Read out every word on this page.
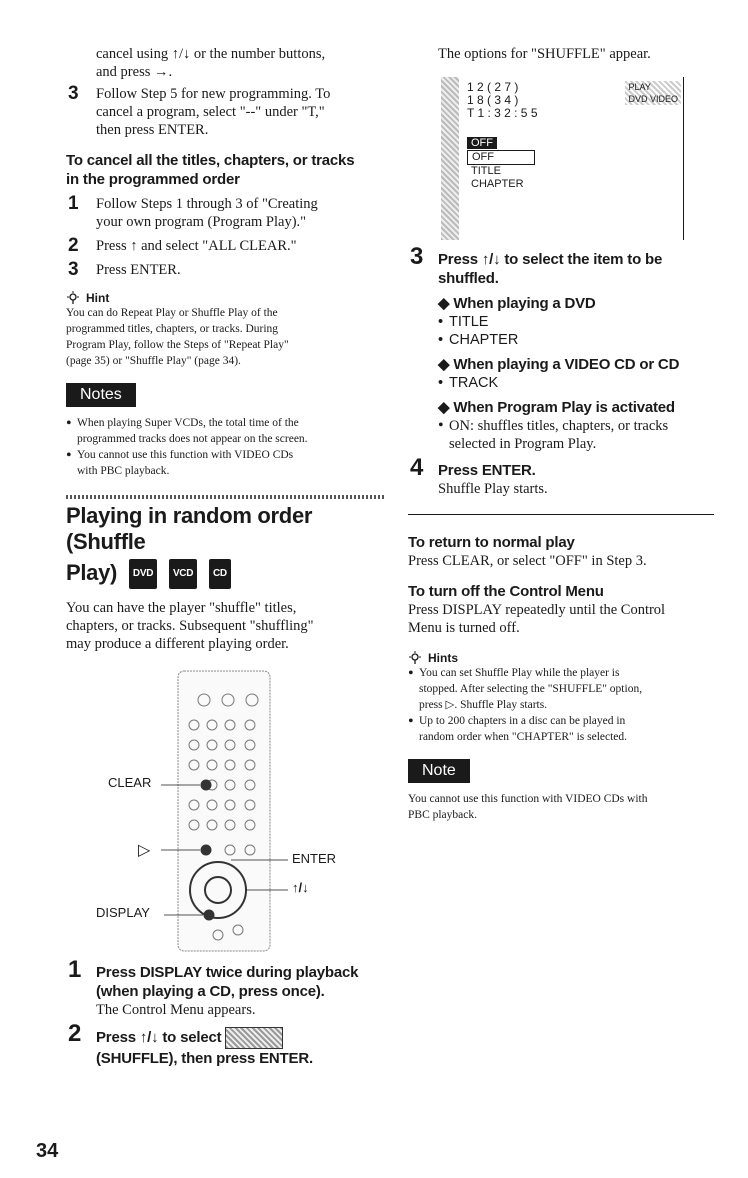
cancel using ↑/↓ or the number buttons,

and press →.

3 Follow Step 5 for new programming. To

cancel a program, select "--" under "T,"

then press ENTER.

To cancel all the titles, chapters, or tracks

in the programmed order

1 Follow Steps 1 through 3 of "Creating

your own program (Program Play)."

2 Press ↑ and select "ALL CLEAR."

3 Press ENTER.

Hint

You can do Repeat Play or Shuffle Play of the

programmed titles, chapters, or tracks. During

Program Play, follow the Steps of "Repeat Play"

(page 35) or "Shuffle Play" (page 34).

Notes

• When playing Super VCDs, the total time of the

programmed tracks does not appear on the screen.

• You cannot use this function with VIDEO CDs

with PBC playback.

Playing in random order (Shuffle

Play) DVD VCD CD

You can have the player "shuffle" titles,

chapters, or tracks. Subsequent "shuffling"

may produce a different playing order.

CLEAR
▷	ENTER
↑/↓
DISPLAY
1 Press DISPLAY twice during playback

(when playing a CD, press once).

The Control Menu appears.

2 Press ↑/↓ to select

(SHUFFLE), then press ENTER.

The options for "SHUFFLE" appear.

1 2 ( 2 7 )
1 8 ( 3 4 )
T 1 : 3 2 : 5 5
PLAY
DVD VIDEO
OFF
OFF
TITLE
CHAPTER
3 Press ↑/↓ to select the item to be

shuffled.

◆ When playing a DVD

• TITLE

• CHAPTER

◆ When playing a VIDEO CD or CD

• TRACK

◆ When Program Play is activated

• ON: shuffles titles, chapters, or tracks

selected in Program Play.

4 Press ENTER.

Shuffle Play starts.

To return to normal play

Press CLEAR, or select "OFF" in Step 3.

To turn off the Control Menu

Press DISPLAY repeatedly until the Control

Menu is turned off.

Hints

• You can set Shuffle Play while the player is

stopped. After selecting the "SHUFFLE" option,

press ▷. Shuffle Play starts.

• Up to 200 chapters in a disc can be played in

random order when "CHAPTER" is selected.

Note

You cannot use this function with VIDEO CDs with

PBC playback.

34
